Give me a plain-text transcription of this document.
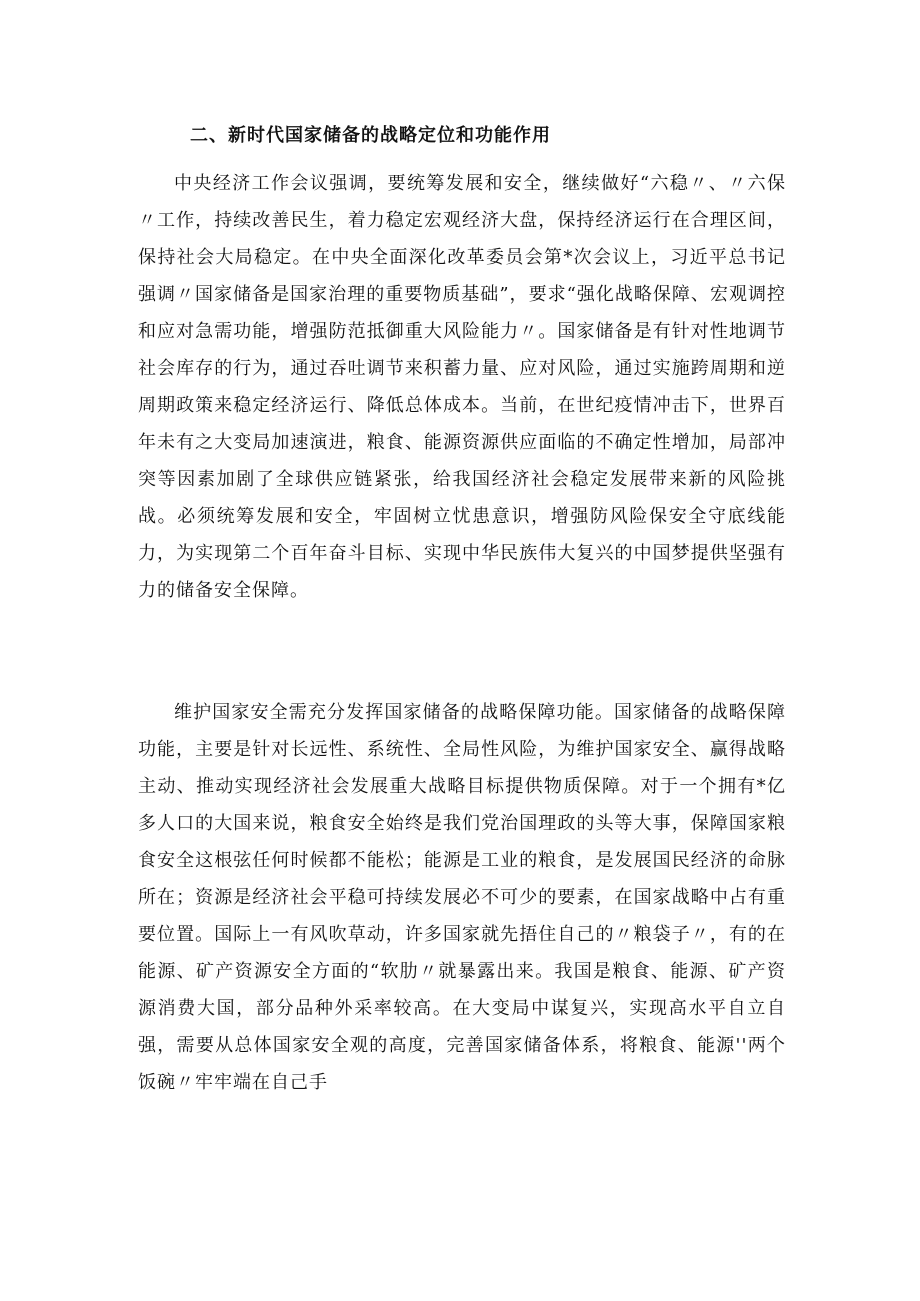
二、新时代国家储备的战略定位和功能作用

中央经济工作会议强调，要统筹发展和安全，继续做好“六稳〃、〃六保〃工作，持续改善民生，着力稳定宏观经济大盘，保持经济运行在合理区间，保持社会大局稳定。在中央全面深化改革委员会第*次会议上，习近平总书记强调〃国家储备是国家治理的重要物质基础”，要求“强化战略保障、宏观调控和应对急需功能，增强防范抵御重大风险能力〃。国家储备是有针对性地调节社会库存的行为，通过吞吐调节来积蓄力量、应对风险，通过实施跨周期和逆周期政策来稳定经济运行、降低总体成本。当前，在世纪疫情冲击下，世界百年未有之大变局加速演进，粮食、能源资源供应面临的不确定性增加，局部冲突等因素加剧了全球供应链紧张，给我国经济社会稳定发展带来新的风险挑战。必须统筹发展和安全，牢固树立忧患意识，增强防风险保安全守底线能力，为实现第二个百年奋斗目标、实现中华民族伟大复兴的中国梦提供坚强有力的储备安全保障。

维护国家安全需充分发挥国家储备的战略保障功能。国家储备的战略保障功能，主要是针对长远性、系统性、全局性风险，为维护国家安全、赢得战略主动、推动实现经济社会发展重大战略目标提供物质保障。对于一个拥有*亿多人口的大国来说，粮食安全始终是我们党治国理政的头等大事，保障国家粮食安全这根弦任何时候都不能松；能源是工业的粮食，是发展国民经济的命脉所在；资源是经济社会平稳可持续发展必不可少的要素，在国家战略中占有重要位置。国际上一有风吹草动，许多国家就先捂住自己的〃粮袋子〃，有的在能源、矿产资源安全方面的“软肋〃就暴露出来。我国是粮食、能源、矿产资源消费大国，部分品种外采率较高。在大变局中谋复兴，实现高水平自立自强，需要从总体国家安全观的高度，完善国家储备体系，将粮食、能源''两个饭碗〃牢牢端在自己手
